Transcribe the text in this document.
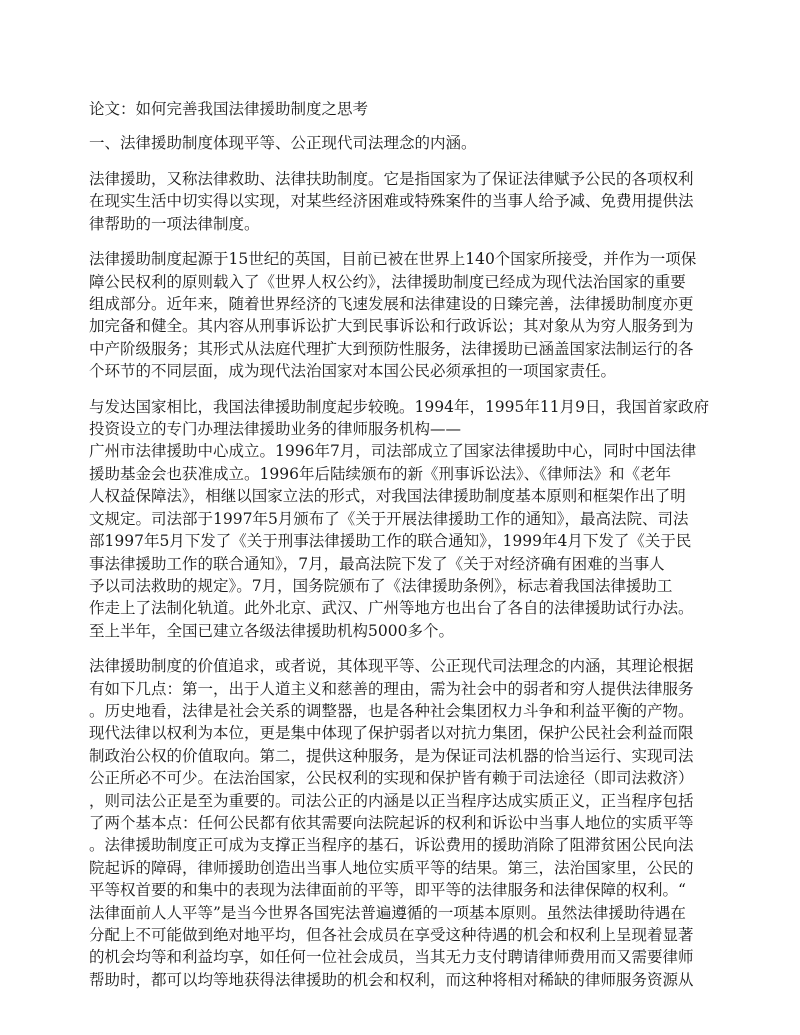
论文：如何完善我国法律援助制度之思考
一、法律援助制度体现平等、公正现代司法理念的内涵。
法律援助，又称法律救助、法律扶助制度。它是指国家为了保证法律赋予公民的各项权利
在现实生活中切实得以实现，对某些经济困难或特殊案件的当事人给予减、免费用提供法
律帮助的一项法律制度。
法律援助制度起源于15世纪的英国，目前已被在世界上140个国家所接受，并作为一项保
障公民权利的原则载入了《世界人权公约》，法律援助制度已经成为现代法治国家的重要
组成部分。近年来，随着世界经济的飞速发展和法律建设的日臻完善，法律援助制度亦更
加完备和健全。其内容从刑事诉讼扩大到民事诉讼和行政诉讼；其对象从为穷人服务到为
中产阶级服务；其形式从法庭代理扩大到预防性服务，法律援助已涵盖国家法制运行的各
个环节的不同层面，成为现代法治国家对本国公民必须承担的一项国家责任。
与发达国家相比，我国法律援助制度起步较晚。1994年，1995年11月9日，我国首家政府
投资设立的专门办理法律援助业务的律师服务机构——
广州市法律援助中心成立。1996年7月，司法部成立了国家法律援助中心，同时中国法律
援助基金会也获准成立。1996年后陆续颁布的新《刑事诉讼法》、《律师法》和《老年
人权益保障法》，相继以国家立法的形式，对我国法律援助制度基本原则和框架作出了明
文规定。司法部于1997年5月颁布了《关于开展法律援助工作的通知》，最高法院、司法
部1997年5月下发了《关于刑事法律援助工作的联合通知》，1999年4月下发了《关于民
事法律援助工作的联合通知》，7月，最高法院下发了《关于对经济确有困难的当事人
予以司法救助的规定》。7月，国务院颁布了《法律援助条例》，标志着我国法律援助工
作走上了法制化轨道。此外北京、武汉、广州等地方也出台了各自的法律援助试行办法。
至上半年，全国已建立各级法律援助机构5000多个。
法律援助制度的价值追求，或者说，其体现平等、公正现代司法理念的内涵，其理论根据
有如下几点：第一，出于人道主义和慈善的理由，需为社会中的弱者和穷人提供法律服务
。历史地看，法律是社会关系的调整器，也是各种社会集团权力斗争和利益平衡的产物。
现代法律以权利为本位，更是集中体现了保护弱者以对抗力集团，保护公民社会利益而限
制政治公权的价值取向。第二，提供这种服务，是为保证司法机器的恰当运行、实现司法
公正所必不可少。在法治国家，公民权利的实现和保护皆有赖于司法途径（即司法救济）
，则司法公正是至为重要的。司法公正的内涵是以正当程序达成实质正义，正当程序包括
了两个基本点：任何公民都有依其需要向法院起诉的权利和诉讼中当事人地位的实质平等
。法律援助制度正可成为支撑正当程序的基石，诉讼费用的援助消除了阻滞贫困公民向法
院起诉的障碍，律师援助创造出当事人地位实质平等的结果。第三，法治国家里，公民的
平等权首要的和集中的表现为法律面前的平等，即平等的法律服务和法律保障的权利。“
法律面前人人平等”是当今世界各国宪法普遍遵循的一项基本原则。虽然法律援助待遇在
分配上不可能做到绝对地平均，但各社会成员在享受这种待遇的机会和权利上呈现着显著
的机会均等和利益均享，如任何一位社会成员，当其无力支付聘请律师费用而又需要律师
帮助时，都可以均等地获得法律援助的机会和权利，而这种将相对稀缺的律师服务资源从
